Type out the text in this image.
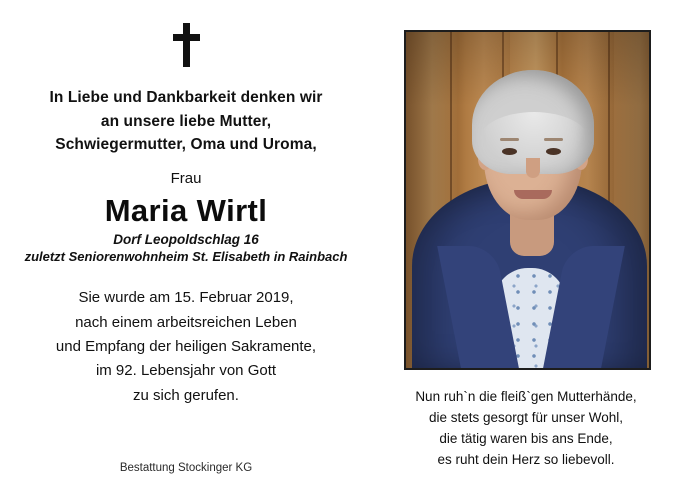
In Liebe und Dankbarkeit denken wir
an unsere liebe Mutter,
Schwiegermutter, Oma und Uroma,
Frau
Maria Wirtl
Dorf Leopoldschlag 16
zuletzt Seniorenwohnheim St. Elisabeth in Rainbach
Sie wurde am 15. Februar 2019,
nach einem arbeitsreichen Leben
und Empfang der heiligen Sakramente,
im 92. Lebensjahr von Gott
zu sich gerufen.
Bestattung Stockinger KG
Nun ruh`n die fleiß`gen Mutterhände,
die stets gesorgt für unser Wohl,
die tätig waren bis ans Ende,
es ruht dein Herz so liebevoll.
